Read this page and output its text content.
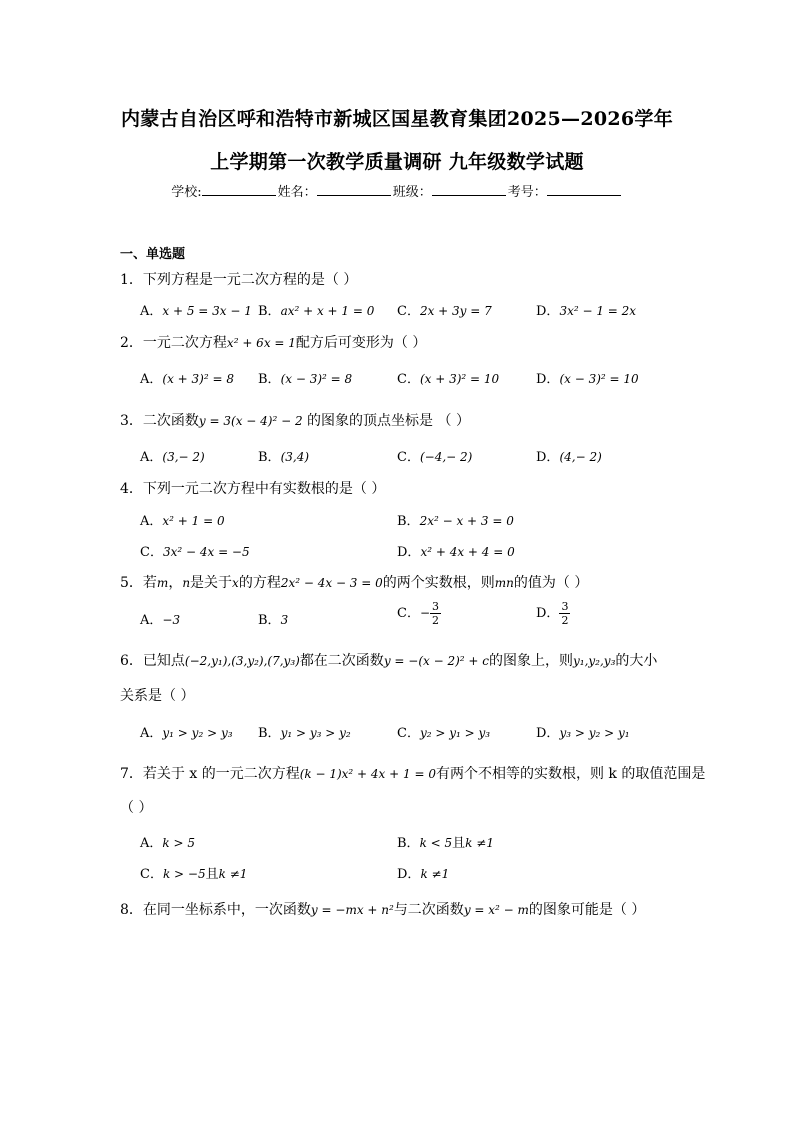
内蒙古自治区呼和浩特市新城区国星教育集团2025—2026学年
上学期第一次教学质量调研 九年级数学试题
学校:	姓名：	班级：	考号：
一、单选题
1．下列方程是一元二次方程的是（ ）
A．x + 5 = 3x − 1 B．ax² + x + 1 = 0 C．2x + 3y = 7	D．3x² − 1 = 2x
2．一元二次方程x² + 6x = 1配方后可变形为（ ）
A．(x + 3)² = 8 B．(x − 3)² = 8	C．(x + 3)² = 10	D．(x − 3)² = 10
3．二次函数y = 3(x − 4)² − 2 的图象的顶点坐标是 （ ）
A．(3,− 2)	B．(3,4)	C．(−4,− 2)	D．(4,− 2)
4．下列一元二次方程中有实数根的是（ ）
A．x² + 1 = 0	B．2x² − x + 3 = 0
C．3x² − 4x = −5	D．x² + 4x + 4 = 0
5．若m，n是关于x的方程2x² − 4x − 3 = 0的两个实数根，则mn的值为（ ）
A．−3	B．3	C．− $\frac{3}{2}$	D． $\frac{3}{2}$
6．已知点(−2,y₁),(3,y₂),(7,y₃)都在二次函数y = −(x − 2)² + c的图象上，则y₁,y₂,y₃的大小
关系是（ ）
A．y₁ > y₂ > y₃ B．y₁ > y₃ > y₂	C．y₂ > y₁ > y₃	D．y₃ > y₂ > y₁
7．若关于 x 的一元二次方程(k − 1)x² + 4x + 1 = 0有两个不相等的实数根，则 k 的取值范围是
（ ）
A．k > 5	B．k < 5且k ≠1
C．k > −5且k ≠1	D．k ≠1
8．在同一坐标系中，一次函数y = −mx + n²与二次函数y = x² − m的图象可能是（ ）
